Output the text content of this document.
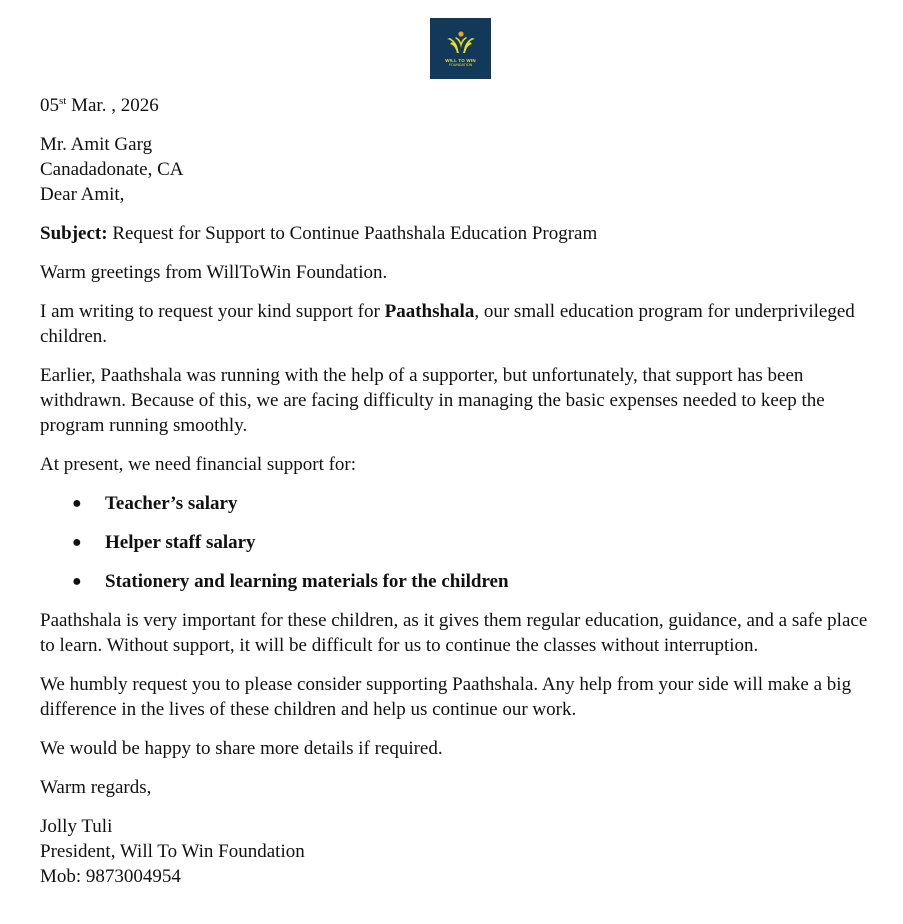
WILL TO WIN
FOUNDATION

05st Mar. , 2026

Mr. Amit Garg

Canadadonate, CA

Dear Amit,

Subject: Request for Support to Continue Paathshala Education Program

Warm greetings from WillToWin Foundation.

I am writing to request your kind support for Paathshala, our small education program for underprivileged children.

Earlier, Paathshala was running with the help of a supporter, but unfortunately, that support has been withdrawn. Because of this, we are facing difficulty in managing the basic expenses needed to keep the program running smoothly.

At present, we need financial support for:

● Teacher’s salary
● Helper staff salary
● Stationery and learning materials for the children

Paathshala is very important for these children, as it gives them regular education, guidance, and a safe place to learn. Without support, it will be difficult for us to continue the classes without interruption.

We humbly request you to please consider supporting Paathshala. Any help from your side will make a big difference in the lives of these children and help us continue our work.

We would be happy to share more details if required.

Warm regards,

Jolly Tuli

President, Will To Win Foundation

Mob: 9873004954
